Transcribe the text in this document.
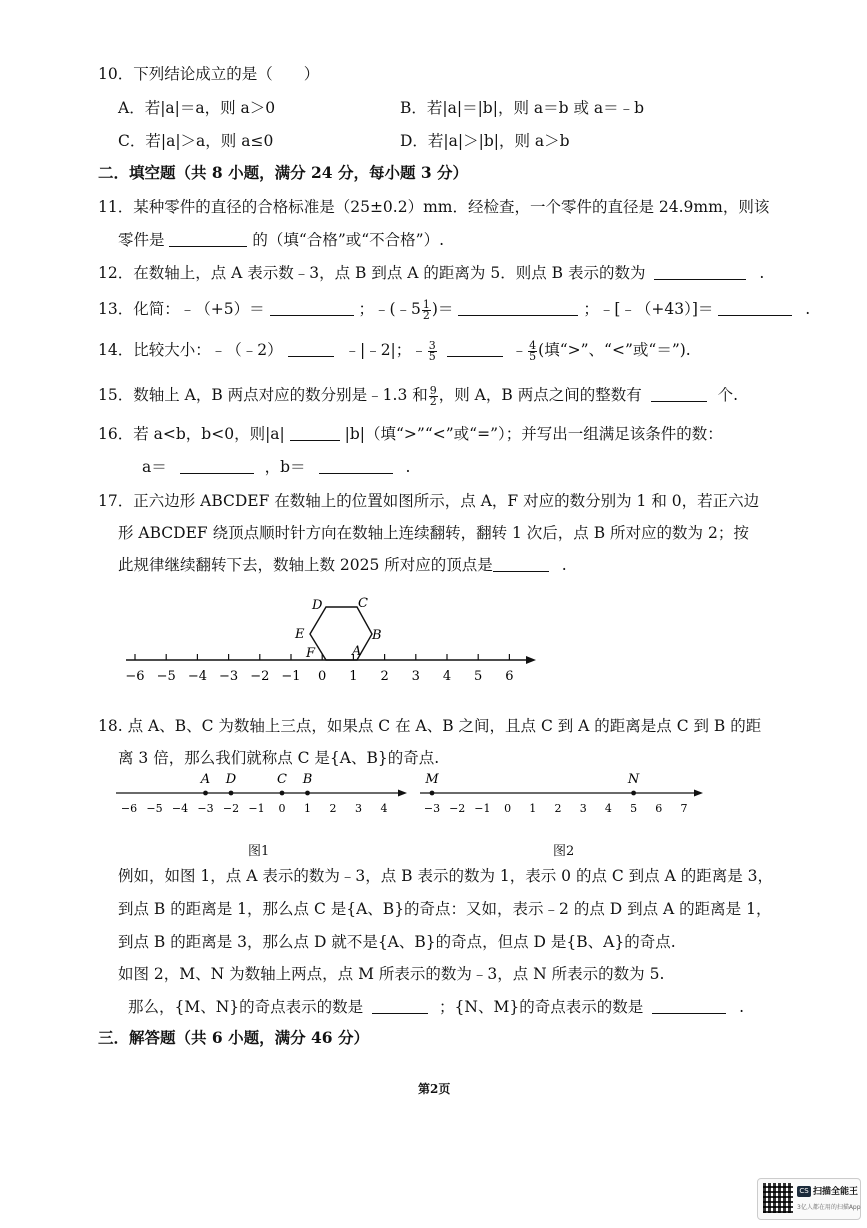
10．下列结论成立的是（　　）
A．若|a|＝a，则 a＞0	B．若|a|＝|b|，则 a＝b 或 a＝﹣b
C．若|a|＞a，则 a≤0	D．若|a|＞|b|，则 a＞b
二．填空题（共 8 小题，满分 24 分，每小题 3 分）
11．某种零件的直径的合格标准是（25±0.2）mm．经检查，一个零件的直径是 24.9mm，则该
零件是	的（填“合格”或“不合格”）.
12．在数轴上，点 A 表示数﹣3，点 B 到点 A 的距离为 5．则点 B 表示的数为	.
13．化简：﹣（+5）＝	；﹣(﹣5 $\frac{1}{2}$ )＝	；﹣[﹣（+43）]＝	.
14．比较大小：﹣（﹣2）	﹣|﹣2|；﹣ $\frac{3}{5}$	﹣ $\frac{4}{5}$ (填“>”、“<”或“＝”).
15．数轴上 A，B 两点对应的数分别是﹣1.3 和 $\frac{9}{2}$ ，则 A，B 两点之间的整数有	个.
16．若 a<b，b<0，则|a|	|b|（填“>”“<”或“=”）；并写出一组满足该条件的数：
a＝	，b＝	.
17．正六边形 ABCDEF 在数轴上的位置如图所示，点 A，F 对应的数分别为 1 和 0，若正六边
形 ABCDEF 绕顶点顺时针方向在数轴上连续翻转，翻转 1 次后，点 B 所对应的数为 2；按
此规律继续翻转下去，数轴上数 2025 所对应的顶点是	.
−6 −5 −4 −3 −2 −1 0 1 2 3 4 5 6
A
B
C
D
E
F
18. 点 A、B、C 为数轴上三点，如果点 C 在 A、B 之间，且点 C 到 A 的距离是点 C 到 B 的距
离 3 倍，那么我们就称点 C 是{A、B}的奇点.
−6 −5 −4 −3 −2 −1 0 1 2 3 4
A D	C B
图1
−3 −2 −1 0 1 2 3 4 5 6 7
M	N
图2
例如，如图 1，点 A 表示的数为﹣3，点 B 表示的数为 1，表示 0 的点 C 到点 A 的距离是 3，
到点 B 的距离是 1，那么点 C 是{A、B}的奇点：又如，表示﹣2 的点 D 到点 A 的距离是 1，
到点 B 的距离是 3，那么点 D 就不是{A、B}的奇点，但点 D 是{B、A}的奇点.
如图 2，M、N 为数轴上两点，点 M 所表示的数为﹣3，点 N 所表示的数为 5.
那么，{M、N}的奇点表示的数是	；{N、M}的奇点表示的数是	.
三．解答题（共 6 小题，满分 46 分）
第2页
CS 扫描全能王
3亿人都在用的扫描App
